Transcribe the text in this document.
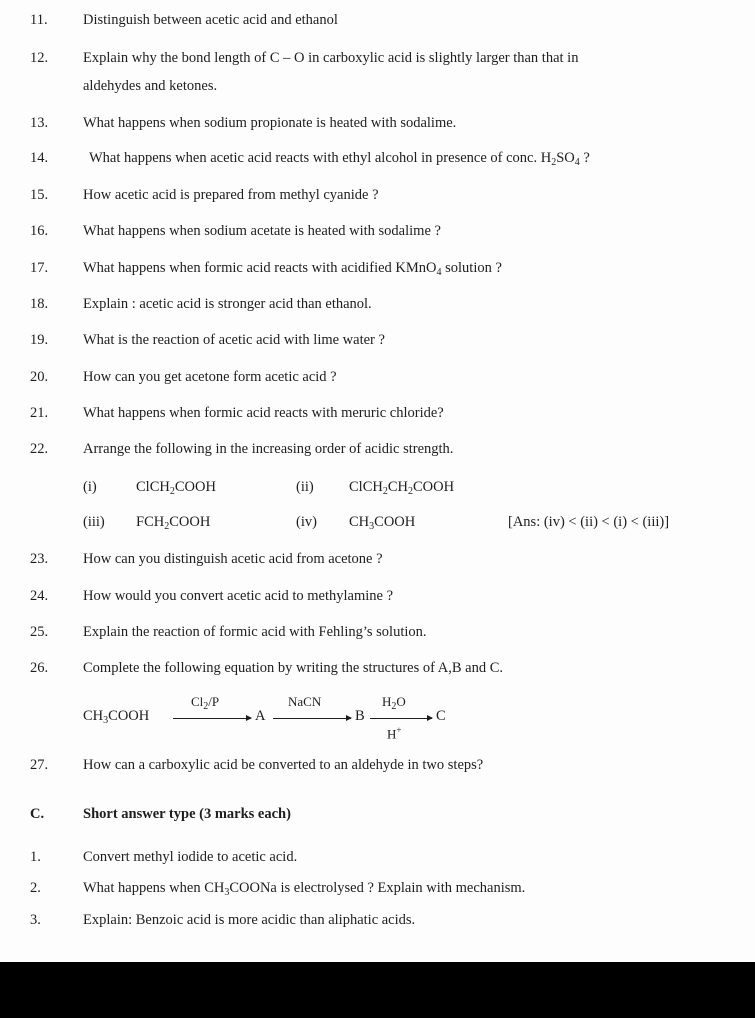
11. Distinguish between acetic acid and ethanol
12. Explain why the bond length of C – O in carboxylic acid is slightly larger than that in
aldehydes and ketones.
13. What happens when sodium propionate is heated with sodalime.
14.	What happens when acetic acid reacts with ethyl alcohol in presence of conc. $H_2SO_4$ ?
15. How acetic acid is prepared from methyl cyanide ?
16. What happens when sodium acetate is heated with sodalime ?
17. What happens when formic acid reacts with acidified KMnO$_4$ solution ?
18. Explain : acetic acid is stronger acid than ethanol.
19. What is the reaction of acetic acid with lime water ?
20. How can you get acetone form acetic acid ?
21. What happens when formic acid reacts with meruric chloride?
22. Arrange the following in the increasing order of acidic strength.
(i)	ClCH$_2$COOH	(ii) $ClCH_2CH_2COOH$
(iii) $FCH_2COOH$	(iv) $CH_3COOH$	[Ans: (iv) < (ii) < (i) < (iii)]
23. How can you distinguish acetic acid from acetone ?
24. How would you convert acetic acid to methylamine ?
25. Explain the reaction of formic acid with Fehling’s solution.
26. Complete the following equation by writing the structures of A,B and C.
$CH_3COOH$
$Cl_2/P$
A
NaCN
B
$H_2O$
H+
C
27. How can a carboxylic acid be converted to an aldehyde in two steps?
C.	Short answer type (3 marks each)
1.	Convert methyl iodide to acetic acid.
2.	What happens when $CH_3COONa$ is electrolysed ? Explain with mechanism.
3.	Explain: Benzoic acid is more acidic than aliphatic acids.
